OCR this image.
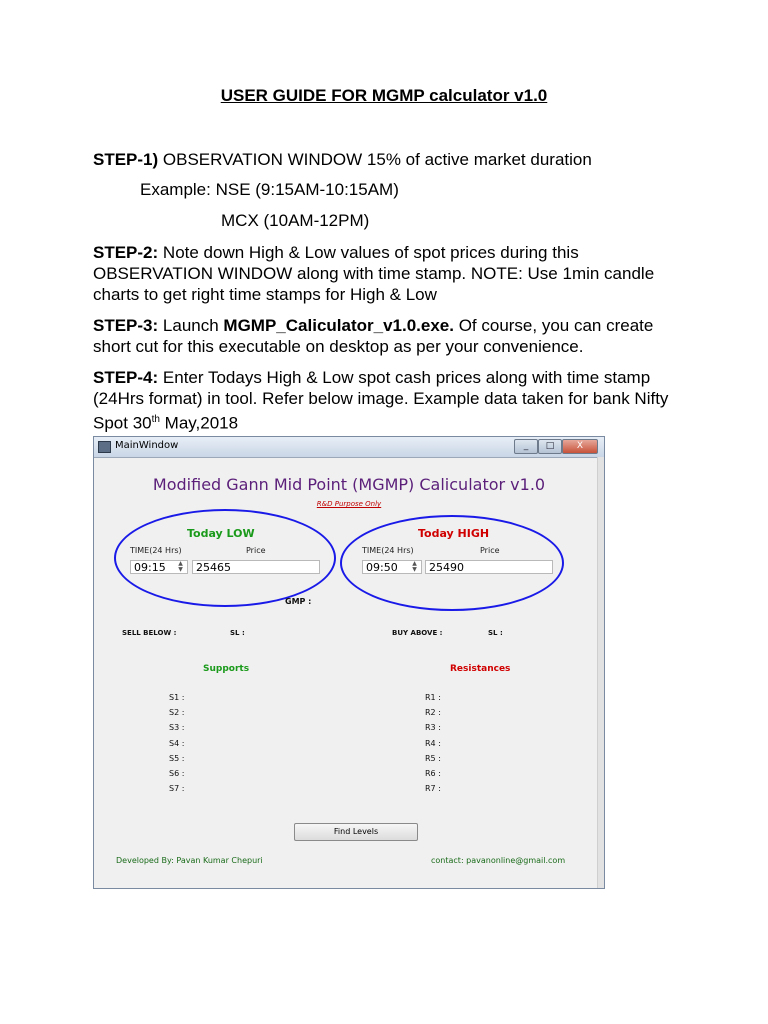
USER GUIDE FOR MGMP calculator v1.0
STEP-1) OBSERVATION WINDOW 15% of active market duration
Example: NSE (9:15AM-10:15AM)
MCX (10AM-12PM)
STEP-2: Note down High & Low values of spot prices during this OBSERVATION WINDOW along with time stamp. NOTE: Use 1min candle charts to get right time stamps for High & Low
STEP-3: Launch MGMP_Caliculator_v1.0.exe. Of course, you can create short cut for this executable on desktop as per your convenience.
STEP-4: Enter Todays High & Low spot cash prices along with time stamp (24Hrs format) in tool. Refer below image. Example data taken for bank Nifty Spot 30th May,2018
MainWindow	_	□	X
Modified Gann Mid Point (MGMP) Caliculator v1.0
R&D Purpose Only
Today LOW
TIME(24 Hrs)	Price
09:15	▲
▼	25465
Today HIGH
TIME(24 Hrs)	Price
09:50	▲
▼	25490
GMP :
SELL BELOW :	SL :	BUY ABOVE :	SL :
Supports	Resistances
S1 :
S2 :
S3 :
S4 :
S5 :
S6 :
S7 :
R1 :
R2 :
R3 :
R4 :
R5 :
R6 :
R7 :
Find Levels
Developed By: Pavan Kumar Chepuri	contact: pavanonline@gmail.com
